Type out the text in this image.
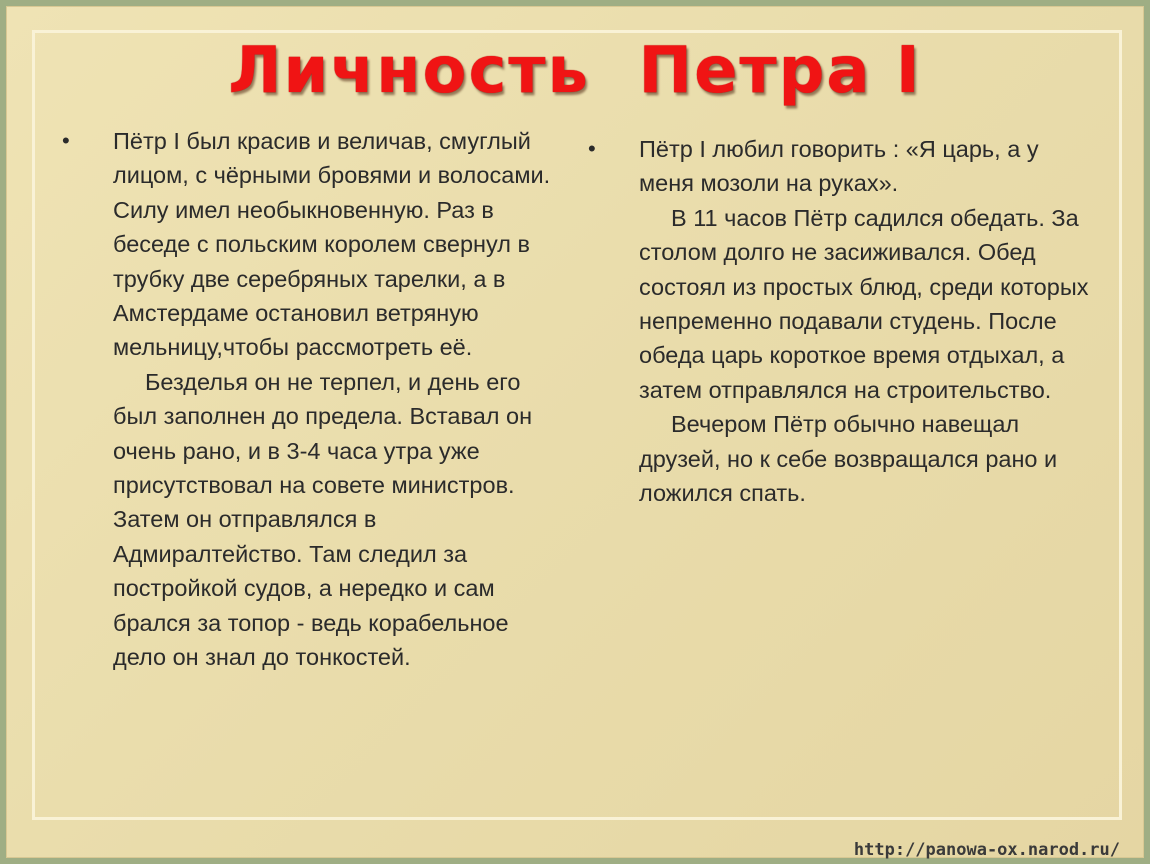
Личность  Петра I
• Пётр I был красив и величав, смуглый лицом, с чёрными бровями и волосами. Силу имел необыкновенную. Раз в беседе с польским королем свернул в трубку две серебряных тарелки, а в Амстердаме остановил ветряную мельницу,чтобы рассмотреть её.

Безделья он не терпел, и день его был заполнен до предела. Вставал он очень рано, и в 3-4 часа утра уже присутствовал на совете министров. Затем он отправлялся в Адмиралтейство. Там следил за постройкой судов, а нередко и сам брался за топор - ведь корабельное дело он знал до тонкостей.

• Пётр I любил говорить : «Я царь, а у меня мозоли на руках».

В 11 часов Пётр садился обедать. За столом долго не засиживался. Обед состоял из простых блюд, среди которых непременно подавали студень. После обеда царь короткое время отдыхал, а затем отправлялся на строительство.

Вечером Пётр обычно навещал друзей, но к себе возвращался рано и ложился спать.

http://panowa-ox.narod.ru/
